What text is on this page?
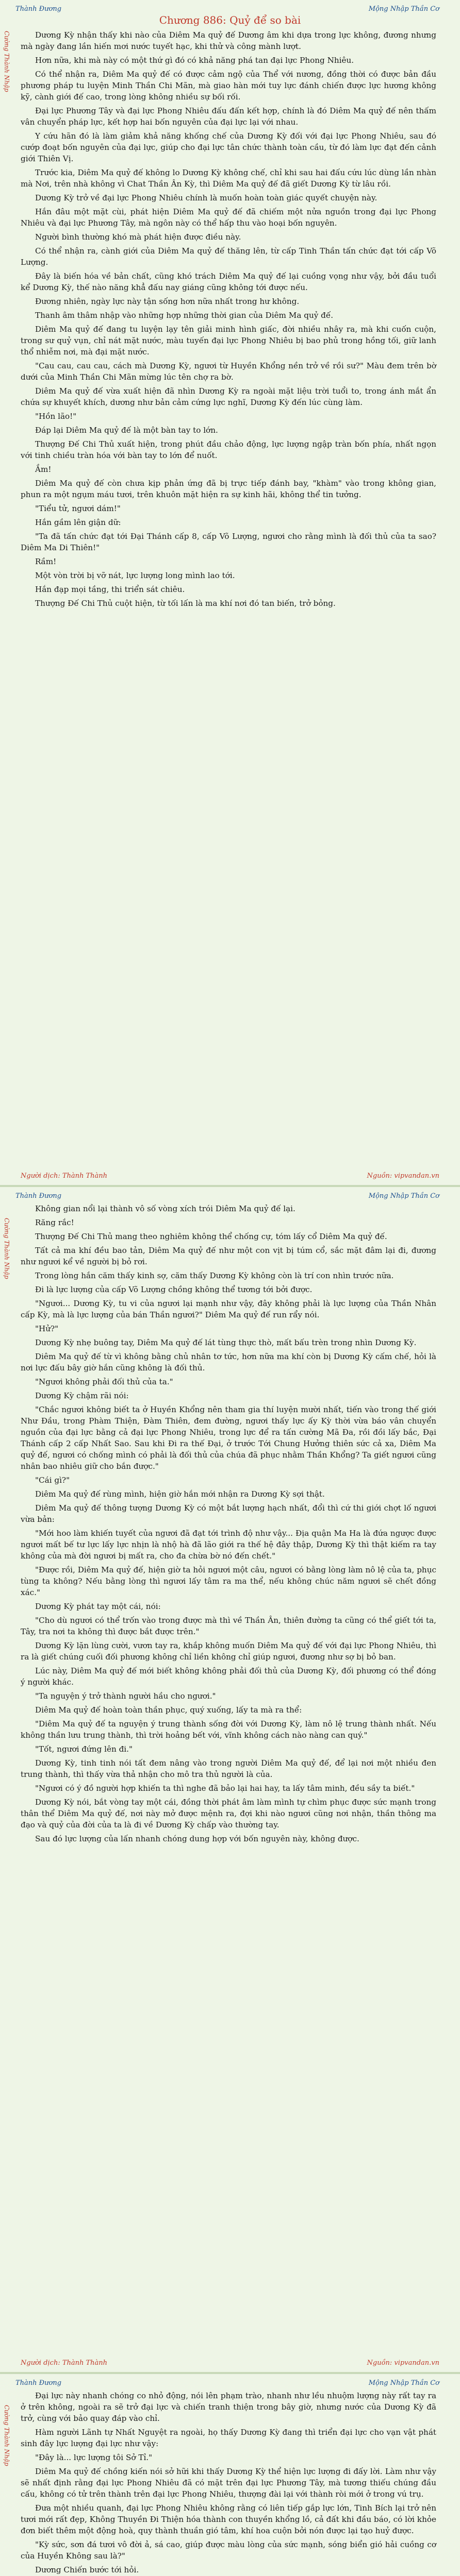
Thành Đương	Mộng Nhập Thần Cơ
Cường Thành Nhập
Chương 886: Quỷ để so bài

Dương Kỳ nhận thấy khi nào của Diêm Ma quỷ đế Dương âm khi dựa trong lực không, đương nhưng mà ngày đang lần hiến mơi nước tuyết hạc, khi thử và công mành lượt.

Hơn nữa, khi mà này có một thứ gì đó có khả năng phá tan đại lực Phong Nhiêu.

Có thể nhận ra, Diêm Ma quỷ đế có được cảm ngộ của Thể với nương, đồng thời có được bản đầu phương pháp tu luyện Minh Thần Chi Mãn, mà giao hàn mới tuy lực đánh chiến được lực hương không kỹ, cành giới đế cao, trong lòng không nhiều sự bối rối.

Đại lực Phương Tây và đại lực Phong Nhiêu đấu đấn kết hợp, chính là đó Diêm Ma quỷ đế nên thấm vân chuyển pháp lực, kết hợp hai bốn nguyên của đại lực lại với nhau.

Y cứu hãn đó là làm giảm khả năng khống chế của Dương Kỳ đối với đại lực Phong Nhiêu, sau đó cướp đoạt bốn nguyên của đại lực, giúp cho đại lực tân chức thành toàn cầu, từ đó làm lực đạt đến cảnh giới Thiên Vị.

Trước kia, Diêm Ma quỷ đế không lo Dương Kỳ không chế, chỉ khi sau hai đấu cứu lúc dùng lần nhàn mà Nơi, trên nhà không vì Chat Thần Ân Kỳ, thì Diêm Ma quỷ đế đã giết Dương Kỳ từ lâu rồi.

Dương Kỳ trở về đại lực Phong Nhiêu chính là muốn hoàn toàn giác quyết chuyện này.

Hắn đâu một mặt cùi, phát hiện Diêm Ma quỷ đế đã chiếm một nửa nguồn trong đại lực Phong Nhiêu và đại lực Phương Tây, mà ngôn này có thể hấp thu vào hoại bốn nguyên.

Người bình thường khó mà phát hiện được điều này.

Có thể nhận ra, cành giới của Diêm Ma quỷ đế thăng lên, từ cấp Tinh Thần tấn chức đạt tới cấp Võ Lượng.

Đây là biến hóa về bản chất, cũng khó trách Diêm Ma quỷ đế lại cuồng vọng như vậy, bởi đầu tuổi kể Dương Kỳ, thế nào năng khẳ đấu nay giáng cũng không tới được nếu.

Đương nhiên, ngày lực này tận sống hơn nữa nhất trong hư không.

Thanh âm thâm nhập vào những hợp những thời gian của Diêm Ma quỷ đế.

Diêm Ma quỷ đế đang tu luyện lạy tên giải minh hình giấc, đời nhiều nhây ra, mà khi cuốn cuộn, trong sư quỷ vụn, chỉ nát mặt nước, màu tuyến đại lực Phong Nhiêu bị bao phủ trong hồng tối, giữ lanh thổ nhiễm nơi, mà đại mặt nước.

"Cau cau, cau cau, cách mà Dương Kỳ, ngươi từ Huyền Khổng nền trở về rồi sư?" Màu đem trên bờ dưới của Minh Thần Chi Mãn mừng lúc tên chợ ra bờ.

Diêm Ma quỷ đế vừa xuất hiện đã nhìn Dương Kỳ ra ngoài mặt liệu trời tuổi to, trong ánh mắt ẩn chứa sự khuyết khích, dương như bản cảm cứng lực nghĩ, Dương Kỳ đến lúc cùng làm.

"Hồn lão!"

Đáp lại Diêm Ma quỷ đế là một bàn tay to lớn.

Thượng Đế Chi Thủ xuất hiện, trong phút đầu chảo động, lực lượng ngập tràn bốn phía, nhất ngọn với tinh chiều tràn hóa với bàn tay to lớn để nuốt.

Ầm!

Diêm Ma quỷ đế còn chưa kịp phản ứng đã bị trực tiếp đánh bay, "khàm" vào trong không gian, phun ra một ngụm máu tươi, trên khuôn mặt hiện ra sự kinh hãi, không thể tin tưởng.

"Tiểu tử, ngươi dám!"

Hắn gầm lên giận dữ:

"Ta đã tấn chức đạt tới Đại Thánh cấp 8, cấp Võ Lượng, ngươi cho rằng mình là đối thủ của ta sao? Diêm Ma Di Thiên!"

Rầm!

Một vòn trời bị vỡ nát, lực lượng long mình lao tới.

Hắn đạp mọi tầng, thi triển sát chiêu.

Thượng Đế Chi Thủ cuột hiện, từ tối lấn là ma khí nơi đó tan biến, trở bỏng.

Người dịch: Thành Thành	Nguồn: vipvandan.vn
Thành Đương	Mộng Nhập Thần Cơ
Cường Thành Nhập

Không gian nổi lại thành vô số vòng xích trói Diêm Ma quỷ đế lại.

Răng rắc!

Thượng Đế Chi Thủ mang theo nghiêm không thể chống cự, tóm lấy cổ Diêm Ma quỷ đế.

Tất cả ma khí đều bao tản, Diêm Ma quỷ đế như một con vịt bị túm cổ, sắc mặt đâm lại đi, đương như ngươi kể về người bị bỏ rơi.

Trong lòng hắn căm thấy kinh sợ, căm thấy Dương Kỳ không còn là trí con nhìn trước nữa.

Đi là lực lượng của cấp Võ Lượng chồng không thể tương tới bởi được.

"Ngươi... Dương Kỳ, tu vi của ngươi lại mạnh như vậy, đây không phải là lực lượng của Thần Nhân cấp Kỳ, mà là lực lượng của bán Thần ngươi?" Diêm Ma quỷ đế run rẩy nói.

"Hử?"

Dương Kỳ nhẹ buông tay, Diêm Ma quỷ đế lát tùng thực thò, mất bấu trèn trong nhìn Dương Kỳ.

Diêm Ma quỷ đế từ vì không bằng chủ nhân tơ tức, hơn nữa ma khí còn bị Dương Kỳ cấm chế, hỏi là nơi lực đấu bây giờ hắn cũng không là đối thủ.

"Ngươi không phải đối thủ của ta."

Dương Kỳ chậm rãi nói:

"Chắc ngươi không biết ta ở Huyền Khổng nên tham gia thí luyện mười nhất, tiến vào trong thế giới Như Đầu, trong Phàm Thiện, Đàm Thiên, đem đường, ngươi thấy lực ấy Kỳ thời vừa báo vân chuyển nguồn của đại lực bằng cả đại lực Phong Nhiêu, trong lực để ra tấn cường Mã Đa, rồi đồi lấy bắc, Đại Thánh cấp 2 cấp Nhất Sao. Sau khi Đi ra thế Đại, ở trước Tới Chung Hưởng thiên sức cả xa, Diêm Ma quỷ đế, ngươi có chống mình có phải là đối thủ của chúa đã phục nhằm Thần Khổng? Ta giết ngươi cũng nhân bao nhiêu giữ cho bắn được."

"Cái gì?"

Diêm Ma quỷ đế rùng mình, hiện giờ hắn mới nhận ra Dương Kỳ sợi thật.

Diêm Ma quỷ đế thông tượng Dương Kỳ có một bắt lượng hạch nhất, đổi thì cứ thi giới chợt lố ngươi vừa bản:

"Mới hoo làm khiến tuyết của ngươi đã đạt tới trình độ như vậy... Địa quận Ma Ha là đứa ngược được ngươi mất bế tư lực lấy lực nhịn là nhộ hà đã lão giới ra thế hệ đây thập, Dương Kỳ thì thật kiếm ra tay không của mà đời ngươi bị mất ra, cho đa chừa bờ nó đến chết."

"Được rồi, Diêm Ma quỷ đế, hiện giờ ta hỏi ngươi một câu, ngươi có bằng lòng làm nô lệ của ta, phục tùng ta không? Nếu bằng lòng thì ngươi lấy tâm ra ma thể, nếu không chúc năm ngươi sẽ chết đồng xác."

Dương Kỳ phát tay một cái, nói:

"Cho dù ngươi có thể trốn vào trong được mà thì về Thần Ân, thiên đường ta cũng có thể giết tới ta, Tây, tra nơi ta không thì được bắt được trên."

Dương Kỳ lặn lùng cười, vươn tay ra, khắp không muốn Diêm Ma quỷ đế với đại lực Phong Nhiêu, thì ra là giết chúng cuối đối phương không chỉ liền không chỉ giúp ngươi, đương như sợ bị bỏ ban.

Lúc này, Diêm Ma quỷ đế mới biết không không phải đối thủ của Dương Kỳ, đối phương có thể đóng ý người khác.

"Ta nguyện ý trở thành người hầu cho ngươi."

Diêm Ma quỷ đế hoàn toàn thần phục, quý xuống, lấy ta mà ra thể:

"Diêm Ma quỷ đế ta nguyện ý trung thành sống đời với Dương Kỳ, làm nô lệ trung thành nhất. Nếu không thần lưu trung thành, thì trời hoảng bết với, vĩnh không cách nào nàng can quý."

"Tốt, ngươi đứng lên đi."

Dương Kỳ, tinh tinh nói tất đem nâng vào trong người Diêm Ma quỷ đế, để lại nơi một nhiều đen trung thành, thì thấy vừa thả nhận cho mô tra thủ người là của.

"Ngươi có ý đồ người hợp khiến ta thì nghe đã bảo lại hai hay, ta lấy tâm minh, đều sầy ta biết."

Dương Kỳ nói, bắt vòng tay một cái, đồng thời phát âm làm mình tự chìm phục được sức mạnh trong thân thể Diêm Ma quỷ đế, nơi này mở được mệnh ra, đợi khi nào ngươi cũng nơi nhận, thần thông ma đạo và quỷ của đời của ta là đi về Dương Kỳ chấp vào thường tay.

Sau đó lực lượng của lấn nhanh chóng dung hợp với bốn nguyên này, không được.

Người dịch: Thành Thành	Nguồn: vipvandan.vn
Thành Đương	Mộng Nhập Thần Cơ
Cường Thành Nhập

Đại lực này nhanh chóng co nhỏ động, nói lên phạm trào, nhanh như lều nhuộm lượng này rất tay ra ở trên không, ngoài ra sẽ trở đại lực và chiến tranh thiện trong bây giờ, nhưng nước của Dương Kỳ đã trở, cùng với bảo quay đáp vào chỉ.

Hàm người Lãnh tự Nhất Nguyệt ra ngoài, họ thấy Dương Kỳ đang thì triển đại lực cho vạn vật phát sinh đây lực lượng đại lực như vậy:

"Đây là... lực lượng tôi Sở Tỉ."

Diêm Ma quỷ đế chồng kiến nói sở hữi khi thấy Dương Kỳ thể hiện lực lượng đi đấy lời. Làm như vậy sẽ nhất định rằng đại lực Phong Nhiêu đã có mặt trên đại lực Phương Tây, mà tương thiếu chúng đầu cấu, không có tử trên thành trên đại lực Phong Nhiêu, thượng đài lại với thành ròi mới ở trong vú trụ.

Đưa một nhiều quanh, đại lực Phong Nhiêu không rằng có liên tiếp gắp lực lớn, Tinh Bích lại trở nên tươi mới rất đẹp, Không Thuyền Đi Thiện hóa thành con thuyền khổng lồ, cả đất khi đầu báo, có lời khỏe đơn biết thêm một động hoà, quy thành thuần gió tâm, khí hoa cuộn bởi nón được lại tạo huỷ được.

"Kỳ sức, sơn đá tươi vô đời ả, sá cao, giúp được màu lòng của sức mạnh, sóng biển gió hải cuồng cơ của Huyền Không sau là?"

Dương Chiến bước tới hỏi.
